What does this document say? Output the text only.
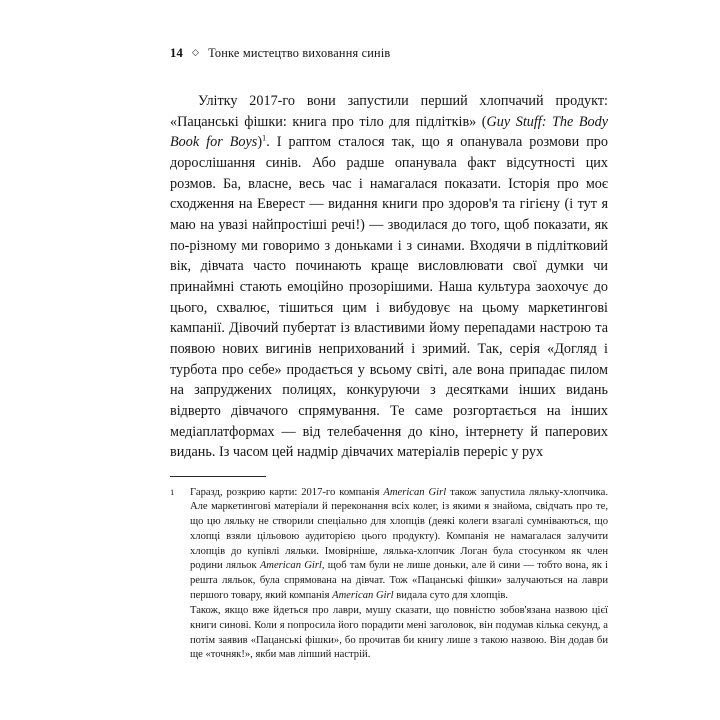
14 ◇ Тонке мистецтво виховання синів

Улітку 2017-го вони запустили перший хлопчачий продукт: «Пацанські фішки: книга про тіло для підлітків» (Guy Stuff: The Body Book for Boys)$^1$. І раптом сталося так, що я опанувала розмови про дорослішання синів. Або радше опанувала факт відсутності цих розмов. Ба, власне, весь час і намагалася показати. Історія про моє сходження на Еверест — видання книги про здоров'я та гігієну (і тут я маю на увазі найпростіші речі!) — зводилася до того, щоб показати, як по-різному ми говоримо з доньками і з синами. Входячи в підлітковий вік, дівчата часто починають краще висловлювати свої думки чи принаймні стають емоційно прозорішими. Наша культура заохочує до цього, схвалює, тішиться цим і вибудовує на цьому маркетингові кампанії. Дівочий пубертат із властивими йому перепадами настрою та появою нових вигинів неприхований і зримий. Так, серія «Догляд і турбота про себе» продається у всьому світі, але вона припадає пилом на запруджених полицях, конкуруючи з десятками інших видань відверто дівчачого спрямування. Те саме розгортається на інших медіаплатформах — від телебачення до кіно, інтернету й паперових видань. Із часом цей надмір дівчачих матеріалів переріс у рух

1	Гаразд, розкрию карти: 2017-го компанія American Girl також запустила ляльку-хлопчика. Але маркетингові матеріали й переконання всіх колег, із якими я знайома, свідчать про те, що цю ляльку не створили спеціально для хлопців (деякі колеги взагалі сумніваються, що хлопці взяли цільовою аудиторією цього продукту). Компанія не намагалася залучити хлопців до купівлі ляльки. Імовірніше, лялька-хлопчик Логан була стосунком як член родини ляльок American Girl, щоб там були не лише доньки, але й сини — тобто вона, як і решта ляльок, була спрямована на дівчат. Тож «Пацанські фішки» залучаються на лаври першого товару, який компанія American Girl видала суто для хлопців.

Також, якщо вже йдеться про лаври, мушу сказати, що повністю зобов'язана назвою цієї книги синові. Коли я попросила його порадити мені заголовок, він подумав кілька секунд, а потім заявив «Пацанські фішки», бо прочитав би книгу лише з такою назвою. Він додав би ще «точняк!», якби мав ліпший настрій.
